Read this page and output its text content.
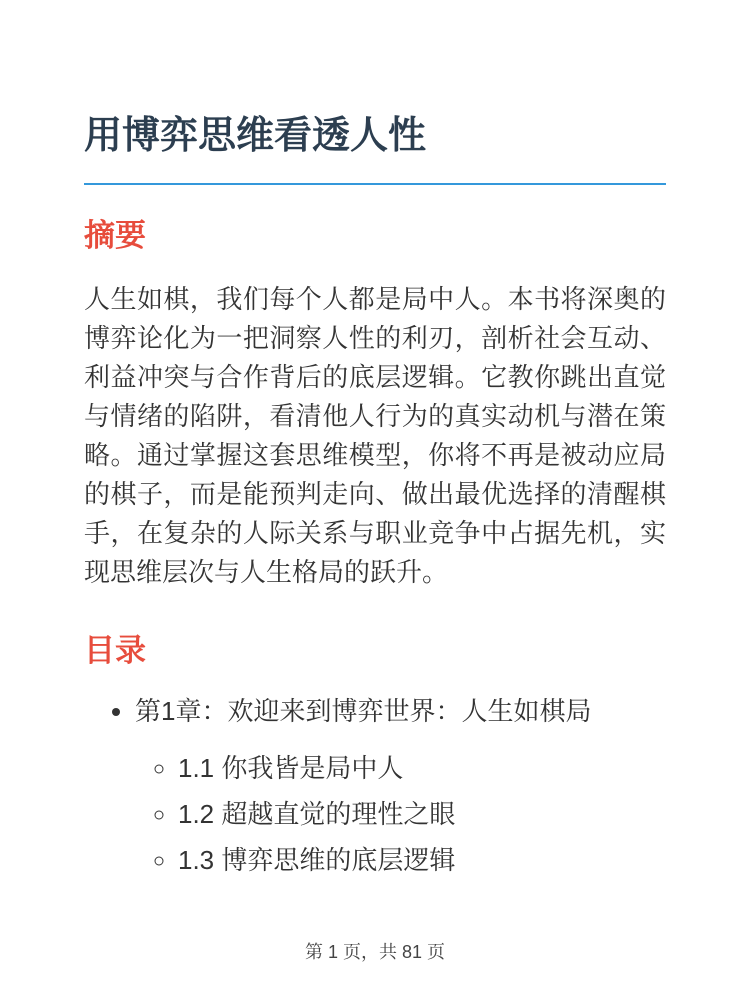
用博弈思维看透人性
摘要

人生如棋，我们每个人都是局中人。本书将深奥的博弈论化为一把洞察人性的利刃，剖析社会互动、利益冲突与合作背后的底层逻辑。它教你跳出直觉与情绪的陷阱，看清他人行为的真实动机与潜在策略。通过掌握这套思维模型，你将不再是被动应局的棋子，而是能预判走向、做出最优选择的清醒棋手，在复杂的人际关系与职业竞争中占据先机，实现思维层次与人生格局的跃升。

目录
• 第1章：欢迎来到博弈世界：人生如棋局
◦ 1.1 你我皆是局中人
◦ 1.2 超越直觉的理性之眼
◦ 1.3 博弈思维的底层逻辑
第 1 页，共 81 页
